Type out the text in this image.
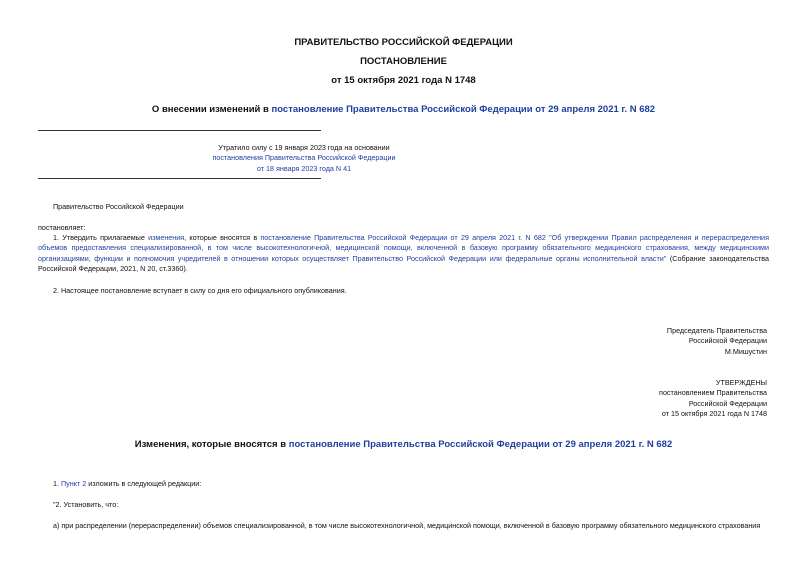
ПРАВИТЕЛЬСТВО РОССИЙСКОЙ ФЕДЕРАЦИИ
ПОСТАНОВЛЕНИЕ
от 15 октября 2021 года N 1748
О внесении изменений в постановление Правительства Российской Федерации от 29 апреля 2021 г. N 682
Утратило силу с 19 января 2023 года на основании
постановления Правительства Российской Федерации
от 18 января 2023 года N 41
Правительство Российской Федерации
постановляет:
1. Утвердить прилагаемые изменения, которые вносятся в постановление Правительства Российской Федерации от 29 апреля 2021 г. N 682 "Об утверждении Правил распределения и перераспределения объемов предоставления специализированной, в том числе высокотехнологичной, медицинской помощи, включенной в базовую программу обязательного медицинского страхования, между медицинскими организациями, функции и полномочия учредителей в отношении которых осуществляет Правительство Российской Федерации или федеральные органы исполнительной власти" (Собрание законодательства Российской Федерации, 2021, N 20, ст.3360).
2. Настоящее постановление вступает в силу со дня его официального опубликования.
Председатель Правительства
Российской Федерации
М.Мишустин
УТВЕРЖДЕНЫ
постановлением Правительства
Российской Федерации
от 15 октября 2021 года N 1748
Изменения, которые вносятся в постановление Правительства Российской Федерации от 29 апреля 2021 г. N 682
1. Пункт 2 изложить в следующей редакции:
"2. Установить, что:
а) при распределении (перераспределении) объемов специализированной, в том числе высокотехнологичной, медицинской помощи, включенной в базовую программу обязательного медицинского страхования
